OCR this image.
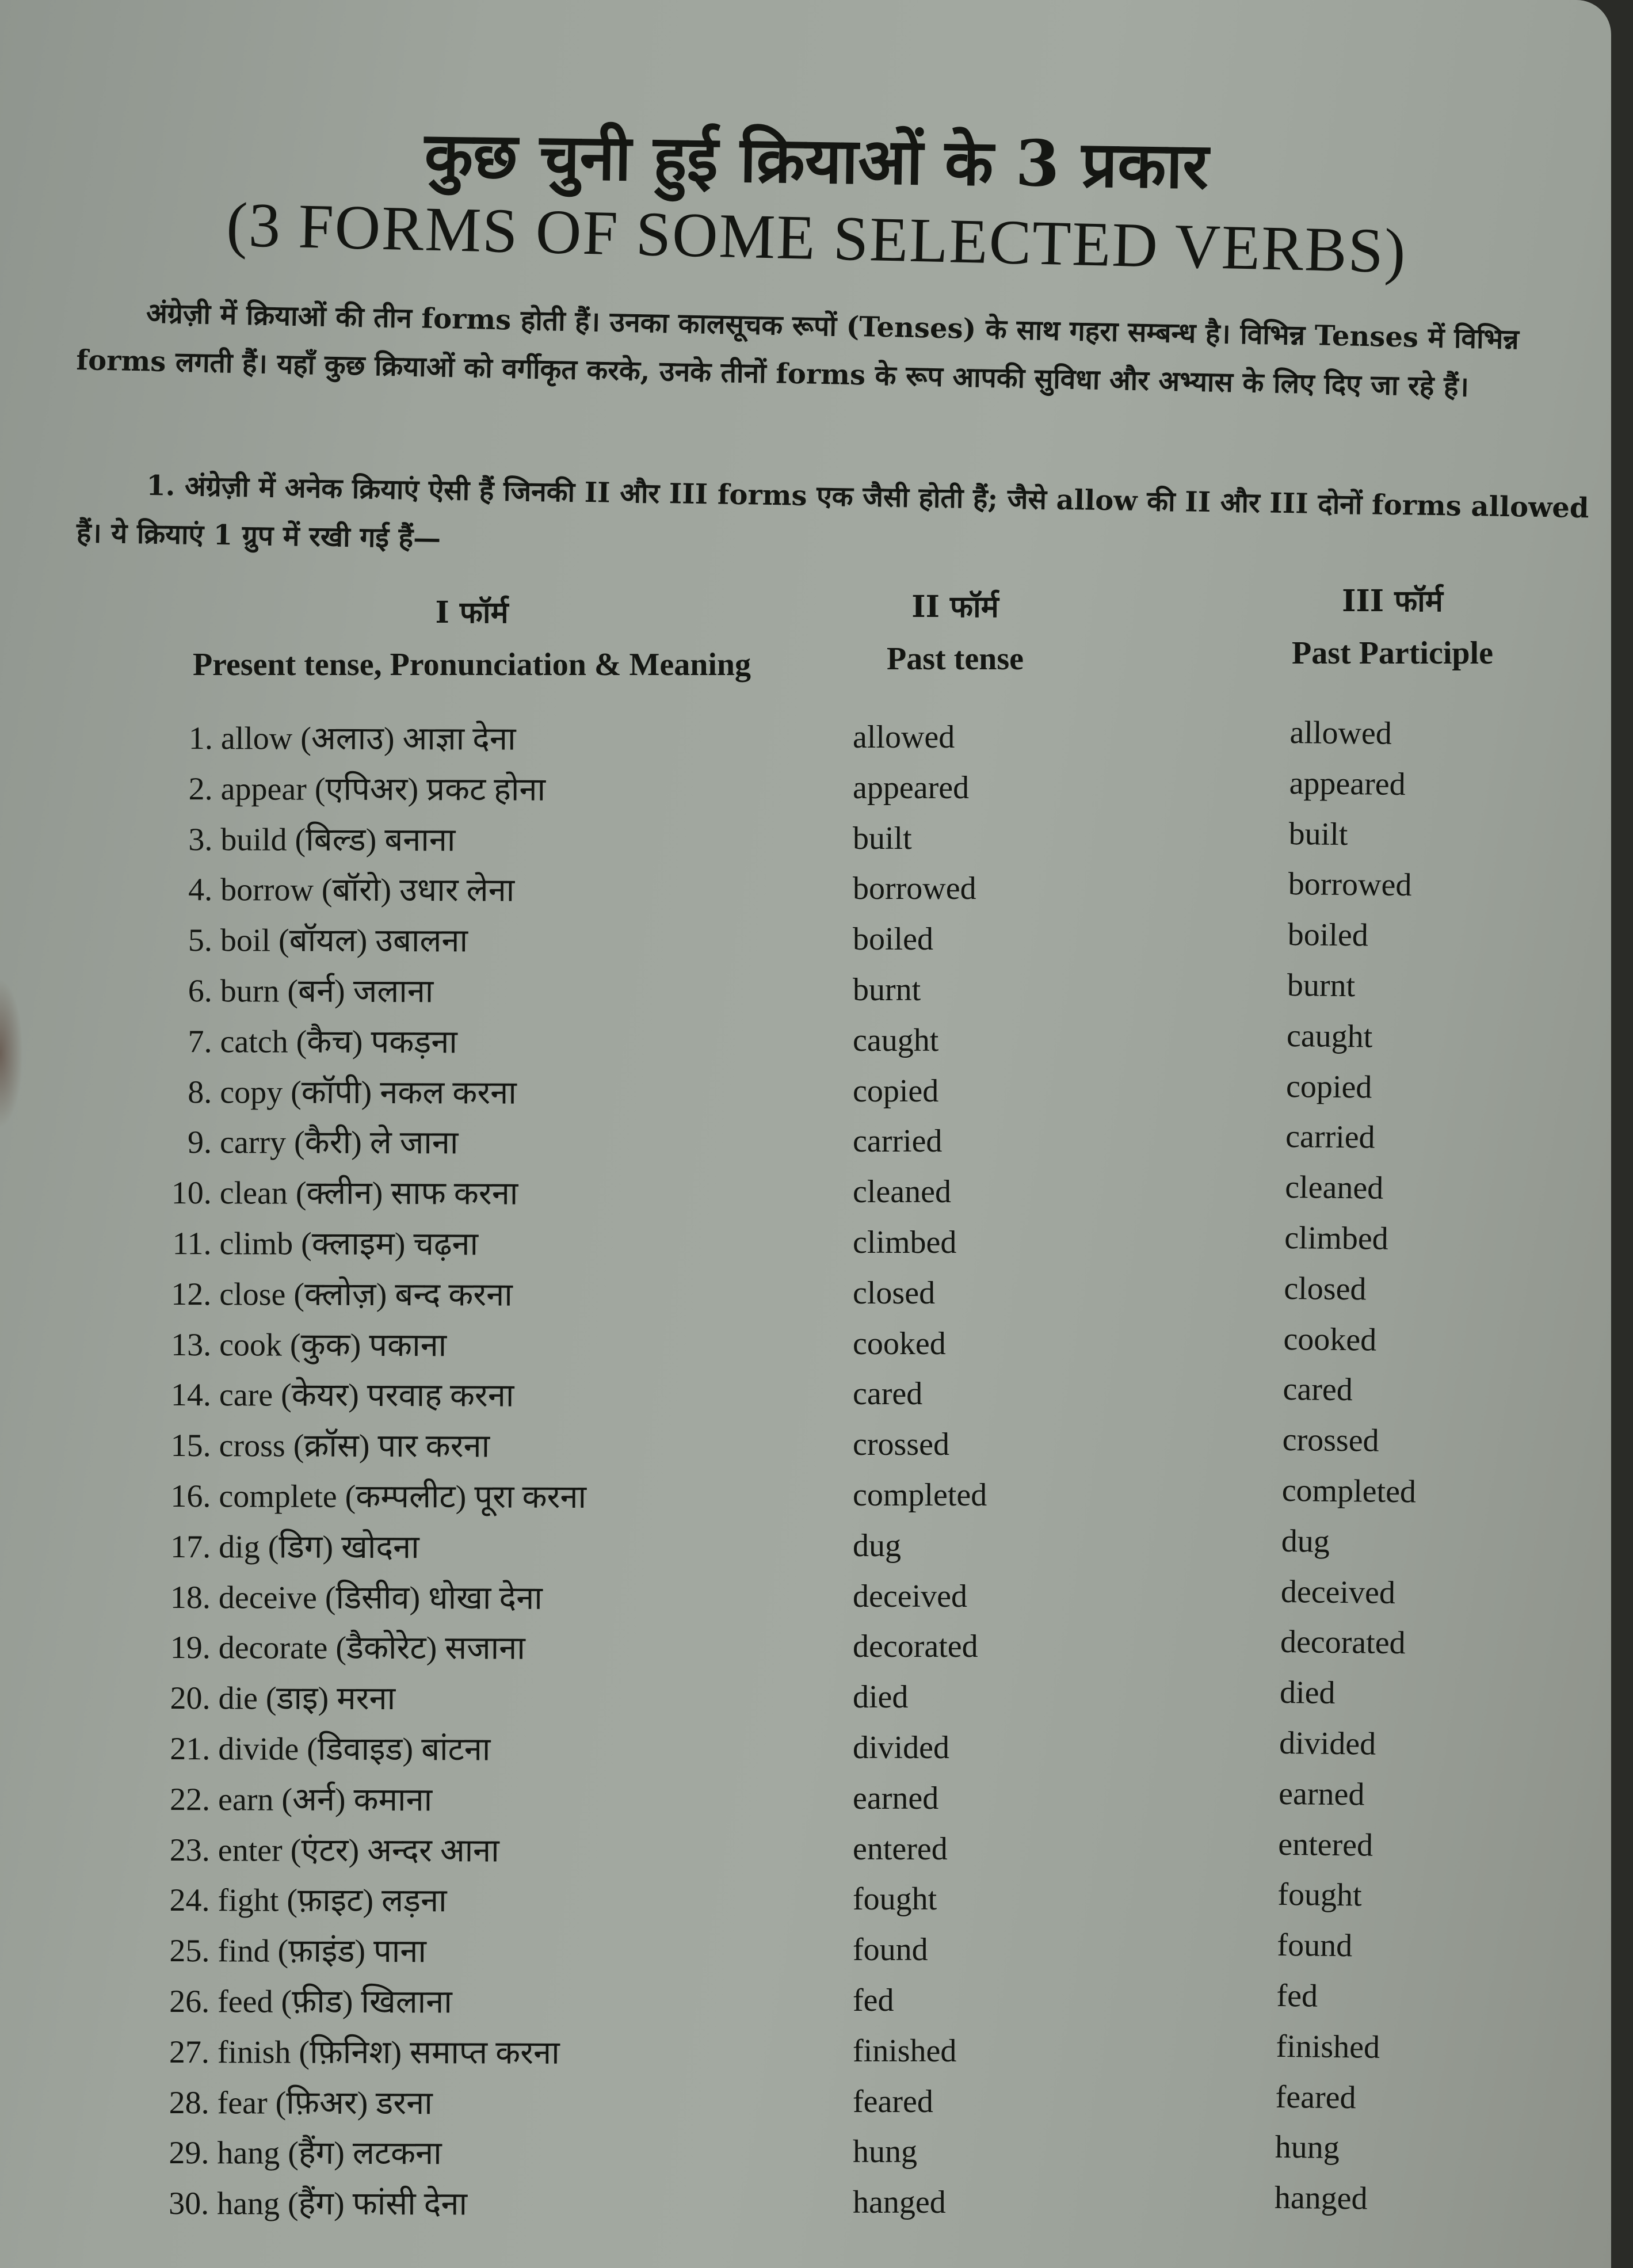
कुछ चुनी हुई क्रियाओं के 3 प्रकार
(3 FORMS OF SOME SELECTED VERBS)
अंग्रेज़ी में क्रियाओं की तीन forms होती हैं। उनका कालसूचक रूपों (Tenses) के साथ गहरा सम्बन्ध है। विभिन्न Tenses में विभिन्न forms लगती हैं। यहाँ कुछ क्रियाओं को वर्गीकृत करके, उनके तीनों forms के रूप आपकी सुविधा और अभ्यास के लिए दिए जा रहे हैं।
1. अंग्रेज़ी में अनेक क्रियाएं ऐसी हैं जिनकी II और III forms एक जैसी होती हैं; जैसे allow की II और III दोनों forms allowed हैं। ये क्रियाएं 1 ग्रुप में रखी गई हैं—
I फॉर्म
Present tense, Pronunciation & Meaning
II फॉर्म
Past tense
III फॉर्म
Past Participle
1. allow (अलाउ) आज्ञा देना
2. appear (एपिअर) प्रकट होना
3. build (बिल्ड) बनाना
4. borrow (बॉरो) उधार लेना
5. boil (बॉयल) उबालना
6. burn (बर्न) जलाना
7. catch (कैच) पकड़ना
8. copy (कॉपी) नकल करना
9. carry (कैरी) ले जाना
10. clean (क्लीन) साफ करना
11. climb (क्लाइम) चढ़ना
12. close (क्लोज़) बन्द करना
13. cook (कुक) पकाना
14. care (केयर) परवाह करना
15. cross (क्रॉस) पार करना
16. complete (कम्पलीट) पूरा करना
17. dig (डिग) खोदना
18. deceive (डिसीव) धोखा देना
19. decorate (डैकोरेट) सजाना
20. die (डाइ) मरना
21. divide (डिवाइड) बांटना
22. earn (अर्न) कमाना
23. enter (एंटर) अन्दर आना
24. fight (फ़ाइट) लड़ना
25. find (फ़ाइंड) पाना
26. feed (फ़ीड) खिलाना
27. finish (फ़िनिश) समाप्त करना
28. fear (फ़िअर) डरना
29. hang (हैंग) लटकना
30. hang (हैंग) फांसी देना
allowed
appeared
built
borrowed
boiled
burnt
caught
copied
carried
cleaned
climbed
closed
cooked
cared
crossed
completed
dug
deceived
decorated
died
divided
earned
entered
fought
found
fed
finished
feared
hung
hanged
allowed
appeared
built
borrowed
boiled
burnt
caught
copied
carried
cleaned
climbed
closed
cooked
cared
crossed
completed
dug
deceived
decorated
died
divided
earned
entered
fought
found
fed
finished
feared
hung
hanged
